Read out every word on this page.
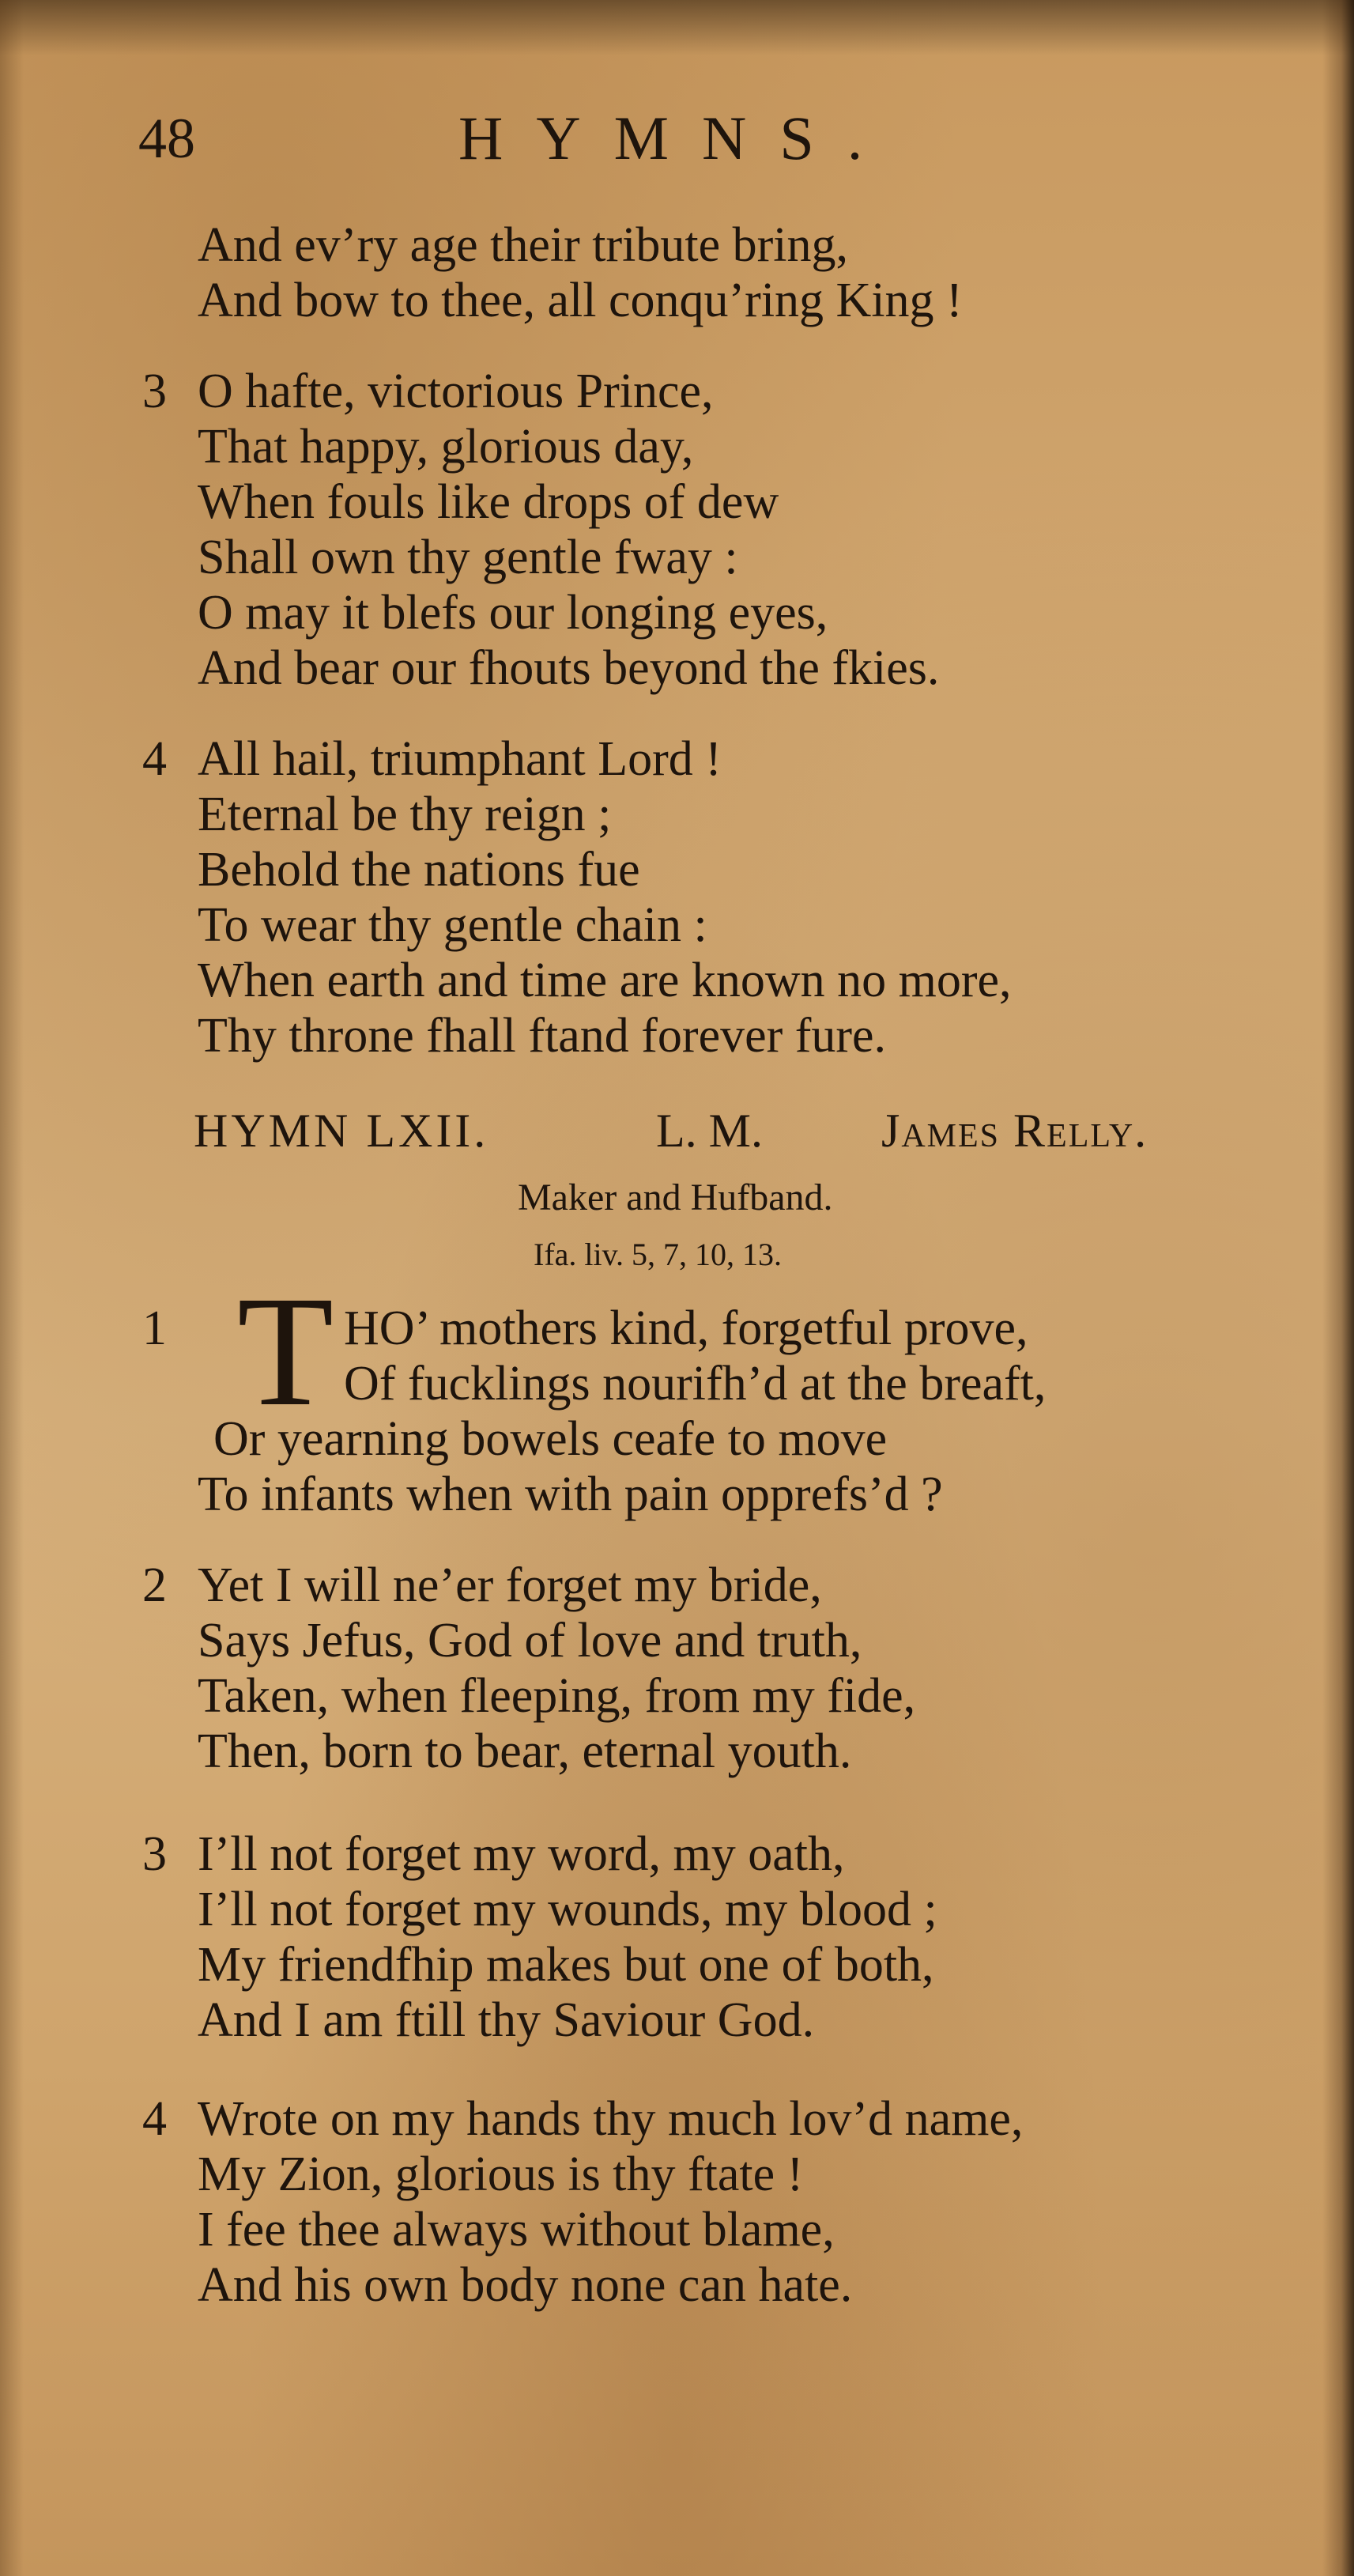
48	HYMNS.
And ev’ry age their tribute bring,
And bow to thee, all conqu’ring King !
3 O hafte, victorious Prince,
That happy, glorious day,
When fouls like drops of dew
Shall own thy gentle fway :
O may it blefs our longing eyes,
And bear our fhouts beyond the fkies.
4 All hail, triumphant Lord !
Eternal be thy reign ;
Behold the nations fue
To wear thy gentle chain :
When earth and time are known no more,
Thy throne fhall ftand forever fure.
HYMN LXII.	L. M.	James Relly.
Maker and Hufband.
Ifa. liv. 5, 7, 10, 13.
1 T HO’ mothers kind, forgetful prove,
Of fucklings nourifh’d at the breaft,
Or yearning bowels ceafe to move
To infants when with pain opprefs’d ?
2 Yet I will ne’er forget my bride,
Says Jefus, God of love and truth,
Taken, when fleeping, from my fide,
Then, born to bear, eternal youth.
3 I’ll not forget my word, my oath,
I’ll not forget my wounds, my blood ;
My friendfhip makes but one of both,
And I am ftill thy Saviour God.
4 Wrote on my hands thy much lov’d name,
My Zion, glorious is thy ftate !
I fee thee always without blame,
And his own body none can hate.
